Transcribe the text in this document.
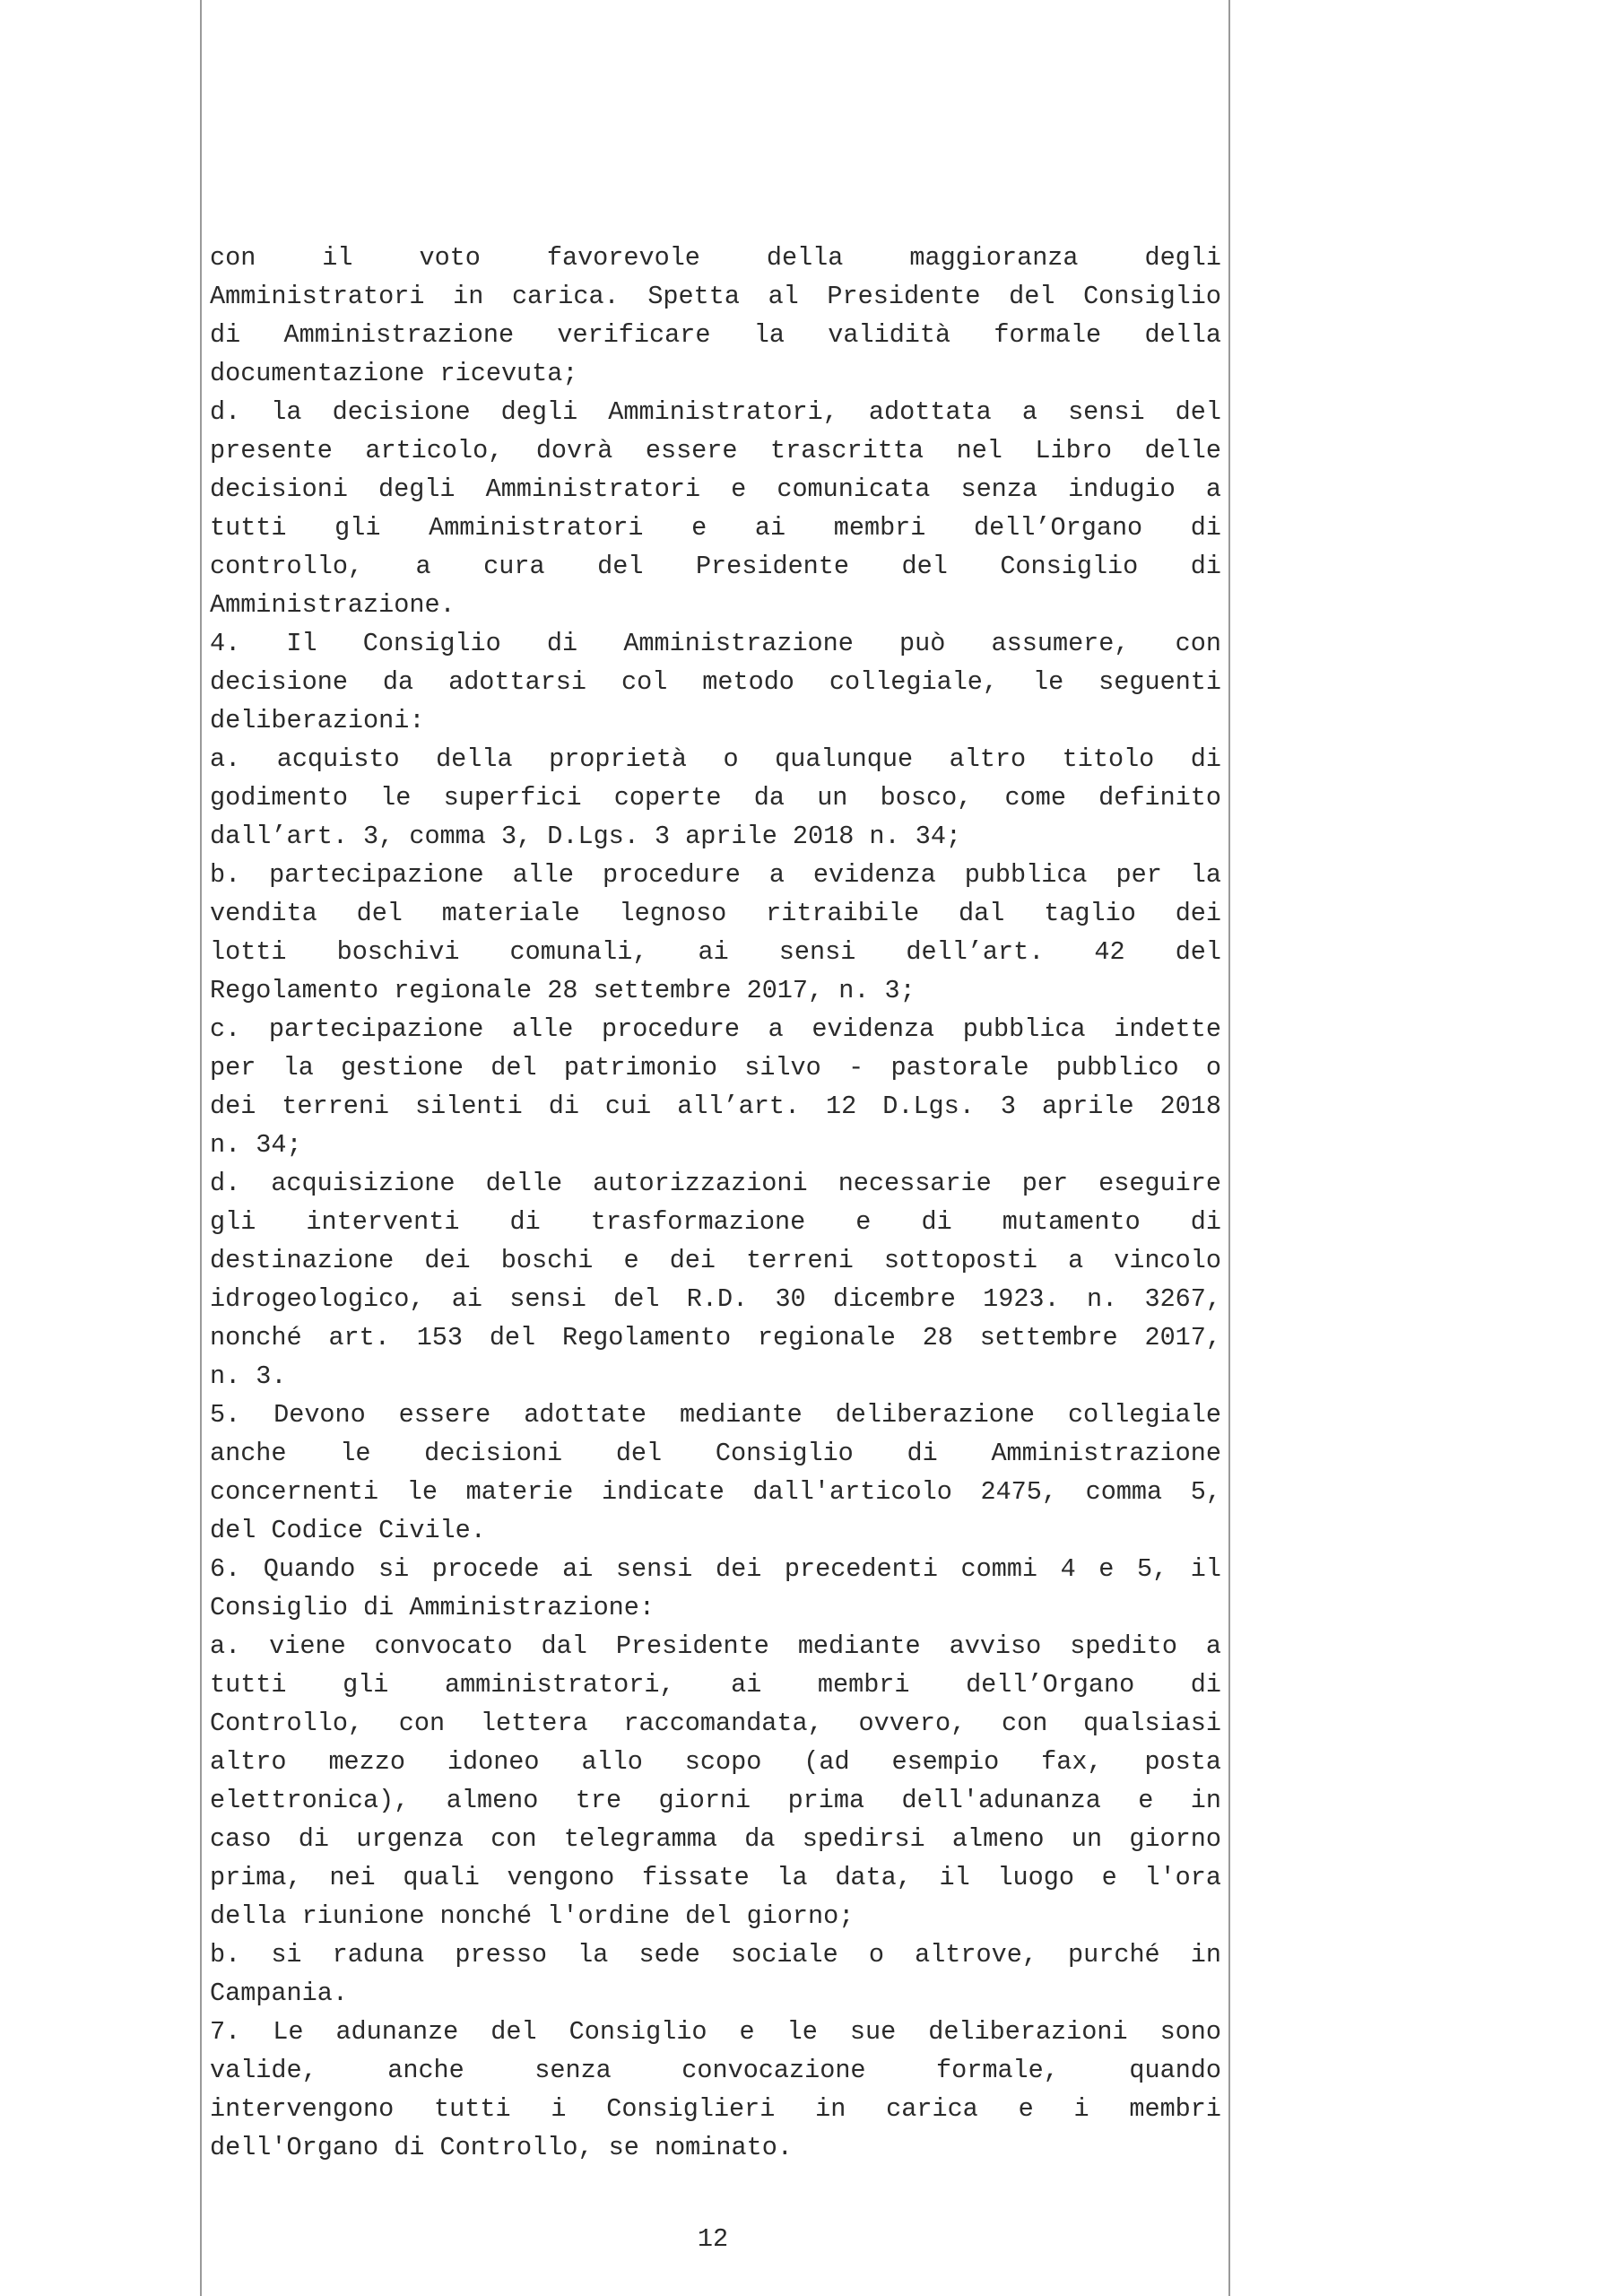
con il voto favorevole della maggioranza degli
Amministratori in carica. Spetta al Presidente del Consiglio
di Amministrazione verificare la validità formale della
documentazione ricevuta;
d. la decisione degli Amministratori, adottata a sensi del
presente articolo, dovrà essere trascritta nel Libro delle
decisioni degli Amministratori e comunicata senza indugio a
tutti gli Amministratori e ai membri dell’Organo di
controllo, a cura del Presidente del Consiglio di
Amministrazione.
4. Il Consiglio di Amministrazione può assumere, con
decisione da adottarsi col metodo collegiale, le seguenti
deliberazioni:
a. acquisto della proprietà o qualunque altro titolo di
godimento le superfici coperte da un bosco, come definito
dall’art. 3, comma 3, D.Lgs. 3 aprile 2018 n. 34;
b. partecipazione alle procedure a evidenza pubblica per la
vendita del materiale legnoso ritraibile dal taglio dei
lotti boschivi comunali, ai sensi dell’art. 42 del
Regolamento regionale 28 settembre 2017, n. 3;
c. partecipazione alle procedure a evidenza pubblica indette
per la gestione del patrimonio silvo - pastorale pubblico o
dei terreni silenti di cui all’art. 12 D.Lgs. 3 aprile 2018
n. 34;
d. acquisizione delle autorizzazioni necessarie per eseguire
gli interventi di trasformazione e di mutamento di
destinazione dei boschi e dei terreni sottoposti a vincolo
idrogeologico, ai sensi del R.D. 30 dicembre 1923. n. 3267,
nonché art. 153 del Regolamento regionale 28 settembre 2017,
n. 3.
5. Devono essere adottate mediante deliberazione collegiale
anche le decisioni del Consiglio di Amministrazione
concernenti le materie indicate dall'articolo 2475, comma 5,
del Codice Civile.
6. Quando si procede ai sensi dei precedenti commi 4 e 5, il
Consiglio di Amministrazione:
a. viene convocato dal Presidente mediante avviso spedito a
tutti gli amministratori, ai membri dell’Organo di
Controllo, con lettera raccomandata, ovvero, con qualsiasi
altro mezzo idoneo allo scopo (ad esempio fax, posta
elettronica), almeno tre giorni prima dell'adunanza e in
caso di urgenza con telegramma da spedirsi almeno un giorno
prima, nei quali vengono fissate la data, il luogo e l'ora
della riunione nonché l'ordine del giorno;
b. si raduna presso la sede sociale o altrove, purché in
Campania.
7. Le adunanze del Consiglio e le sue deliberazioni sono
valide, anche senza convocazione formale, quando
intervengono tutti i Consiglieri in carica e i membri
dell'Organo di Controllo, se nominato.
12
